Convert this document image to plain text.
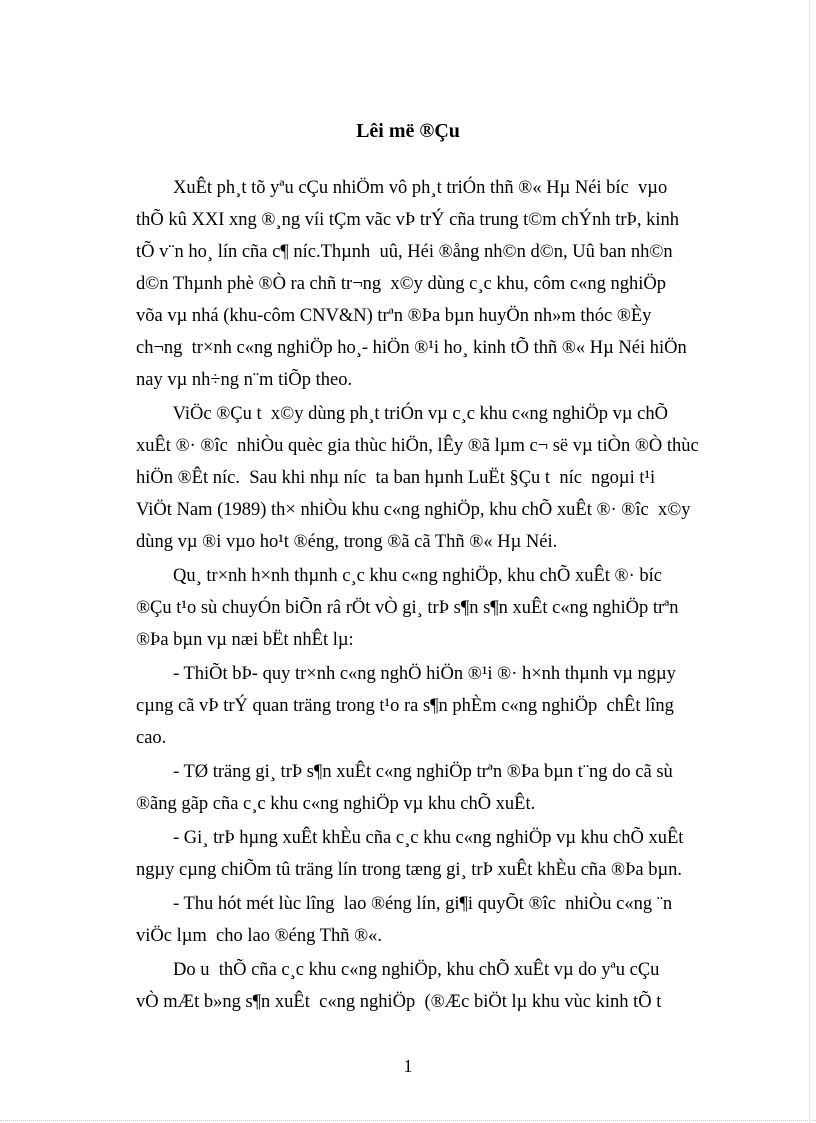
Lêi më ®Çu

XuÊt ph¸t tõ yªu cÇu nhiÖm vô ph¸t triÓn thñ ®« Hµ Néi bíc  vµo
thÕ kû XXI xng ®¸ng víi tÇm vãc vÞ trÝ cña trung t©m chÝnh trÞ, kinh
tÕ v¨n ho¸ lín cña c¶ níc.Thµnh  uû, Héi ®ång nh©n d©n, Uû ban nh©n
d©n Thµnh phè ®Ò ra chñ tr¬ng  x©y dùng c¸c khu, côm c«ng nghiÖp
võa vµ nhá (khu-côm CNV&N) trªn ®Þa bµn huyÖn nh»m thóc ®Èy
ch¬ng  tr×nh c«ng nghiÖp ho¸- hiÖn ®¹i ho¸ kinh tÕ thñ ®« Hµ Néi hiÖn
nay vµ nh÷ng n¨m tiÕp theo.

ViÖc ®Çu t  x©y dùng ph¸t triÓn vµ c¸c khu c«ng nghiÖp vµ chÕ
xuÊt ®· ®îc  nhiÒu quèc gia thùc hiÖn, lÊy ®ã lµm c¬ së vµ tiÒn ®Ò thùc
hiÖn ®Êt níc.  Sau khi nhµ níc  ta ban hµnh LuËt §Çu t  níc  ngoµi t¹i
ViÖt Nam (1989) th× nhiÒu khu c«ng nghiÖp, khu chÕ xuÊt ®· ®îc  x©y
dùng vµ ®i vµo ho¹t ®éng, trong ®ã cã Thñ ®« Hµ Néi.

Qu¸ tr×nh h×nh thµnh c¸c khu c«ng nghiÖp, khu chÕ xuÊt ®· bíc
®Çu t¹o sù chuyÓn biÕn râ rÖt vÒ gi¸ trÞ s¶n s¶n xuÊt c«ng nghiÖp trªn
®Þa bµn vµ næi bËt nhÊt lµ:

- ThiÕt bÞ- quy tr×nh c«ng nghÖ hiÖn ®¹i ®· h×nh thµnh vµ ngµy
cµng cã vÞ trÝ quan träng trong t¹o ra s¶n phÈm c«ng nghiÖp  chÊt lîng
cao.

- TØ träng gi¸ trÞ s¶n xuÊt c«ng nghiÖp trªn ®Þa bµn t¨ng do cã sù
®ãng gãp cña c¸c khu c«ng nghiÖp vµ khu chÕ xuÊt.

- Gi¸ trÞ hµng xuÊt khÈu cña c¸c khu c«ng nghiÖp vµ khu chÕ xuÊt
ngµy cµng chiÕm tû träng lín trong tæng gi¸ trÞ xuÊt khÈu cña ®Þa bµn.

- Thu hót mét lùc lîng  lao ®éng lín, gi¶i quyÕt ®îc  nhiÒu c«ng ¨n
viÖc lµm  cho lao ®éng Thñ ®«.

Do u  thÕ cña c¸c khu c«ng nghiÖp, khu chÕ xuÊt vµ do yªu cÇu
vÒ mÆt b»ng s¶n xuÊt  c«ng nghiÖp  (®Æc biÖt lµ khu vùc kinh tÕ t

1
